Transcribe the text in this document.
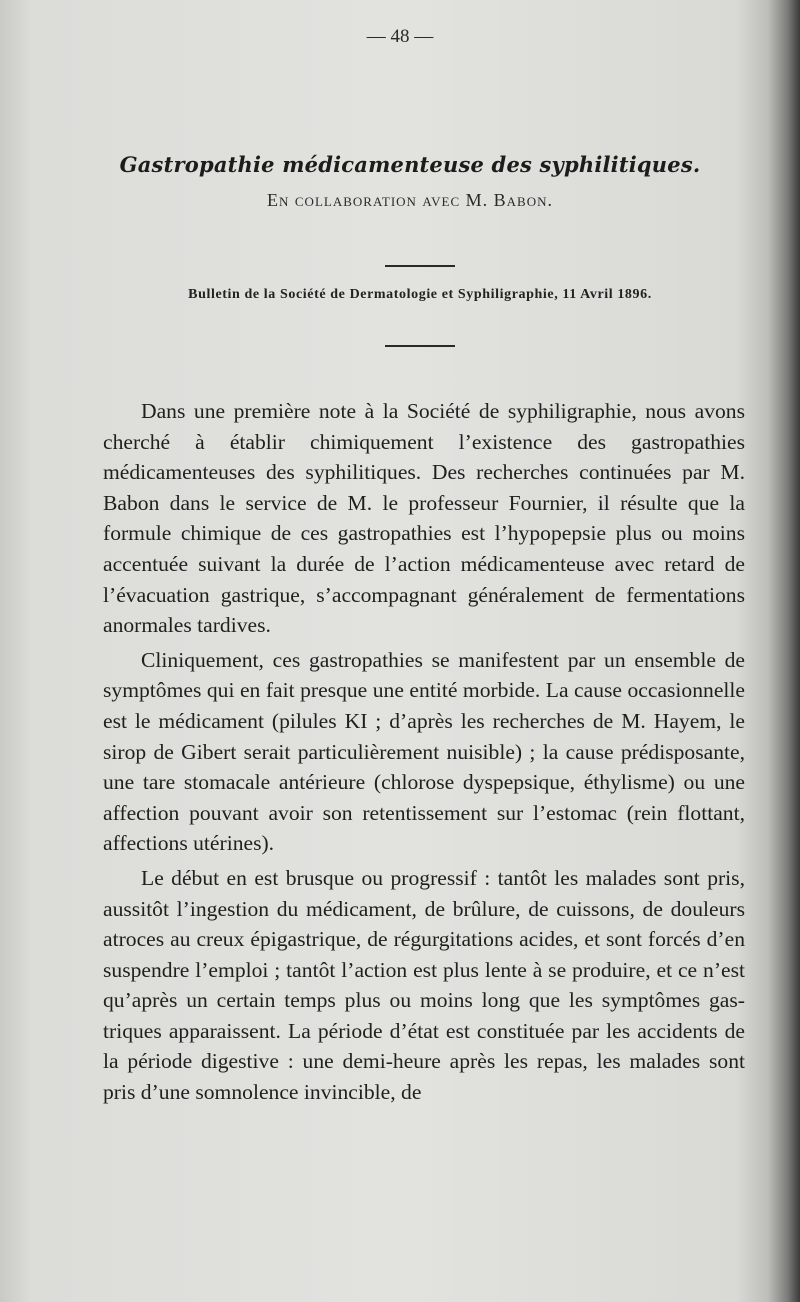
— 48 —
Gastropathie médicamenteuse des syphilitiques.
En collaboration avec M. Babon.
Bulletin de la Société de Dermatologie et Syphiligraphie, 11 Avril 1896.

Dans une première note à la Société de syphiligraphie, nous avons cherché à établir chimiquement l’existence des gastropathies médicamenteuses des syphilitiques. Des recherches continuées par M. Babon dans le service de M. le professeur Fournier, il résulte que la formule chimique de ces gastropathies est l’hypopepsie plus ou moins accentuée suivant la durée de l’action médicamenteuse avec retard de l’évacuation gastrique, s’accompagnant généralement de fermentations anormales tardives.

Cliniquement, ces gastropathies se manifestent par un ensemble de symptômes qui en fait presque une entité morbide. La cause occasionnelle est le médicament (pilules KI ; d’après les recherches de M. Hayem, le sirop de Gibert serait particulièrement nuisible) ; la cause prédisposante, une tare stomacale antérieure (chlorose dyspepsique, éthylisme) ou une affection pouvant avoir son retentissement sur l’estomac (rein flottant, affections utérines).

Le début en est brusque ou progressif : tantôt les malades sont pris, aussitôt l’ingestion du médicament, de brûlure, de cuissons, de douleurs atroces au creux épigastrique, de régurgitations acides, et sont forcés d’en suspendre l’emploi ; tantôt l’action est plus lente à se produire, et ce n’est qu’après un certain temps plus ou moins long que les symptômes gastriques apparaissent. La période d’état est constituée par les accidents de la période digestive : une demi-heure après les repas, les malades sont pris d’une somnolence invincible, de
